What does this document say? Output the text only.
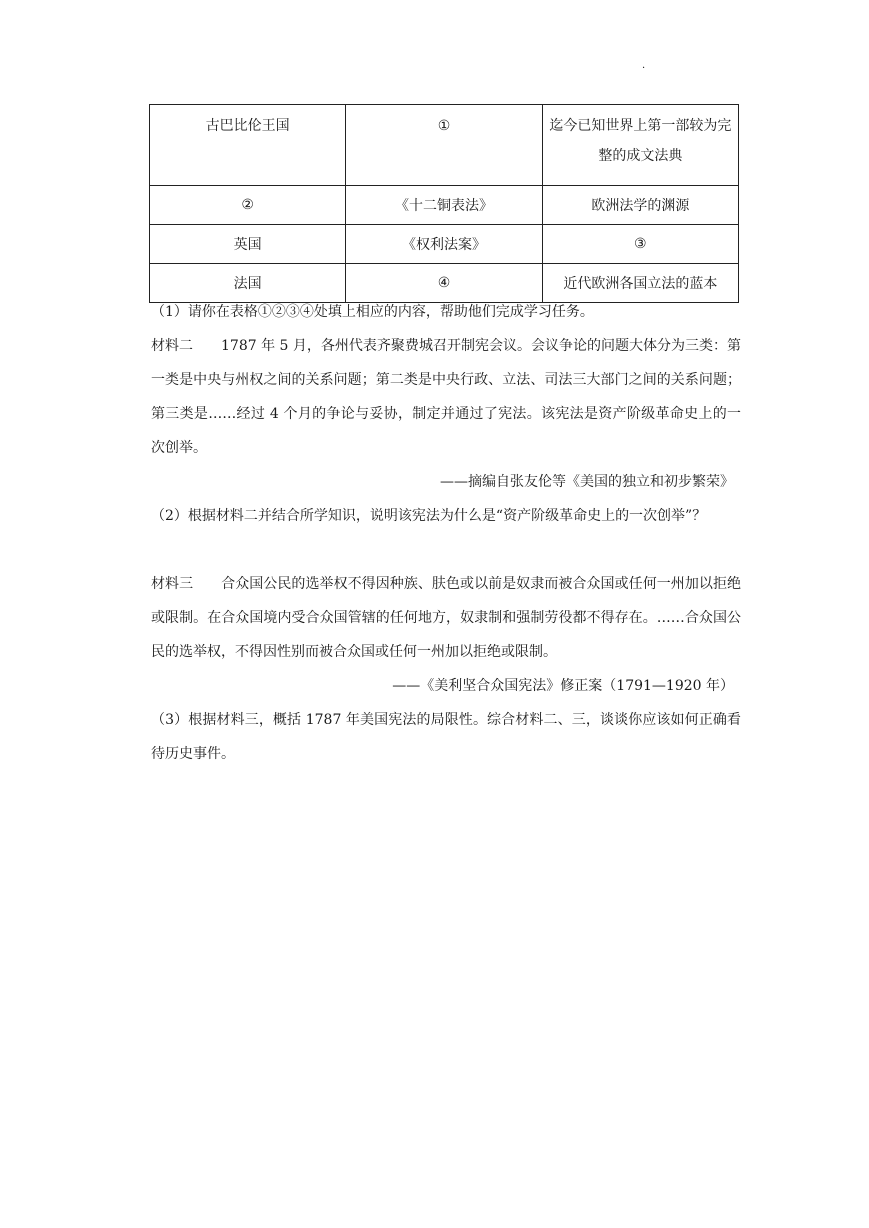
·
古巴比伦王国	①	迄今已知世界上第一部较为完整的成文法典
②	《十二铜表法》	欧洲法学的渊源
英国	《权利法案》	③
法国	④	近代欧洲各国立法的蓝本
（1）请你在表格①②③④处填上相应的内容，帮助他们完成学习任务。
材料二 1787 年 5 月，各州代表齐聚费城召开制宪会议。会议争论的问题大体分为三类：第一类是中央与州权之间的关系问题；第二类是中央行政、立法、司法三大部门之间的关系问题；第三类是……经过 4 个月的争论与妥协，制定并通过了宪法。该宪法是资产阶级革命史上的一次创举。
——摘编自张友伦等《美国的独立和初步繁荣》
（2）根据材料二并结合所学知识，说明该宪法为什么是“资产阶级革命史上的一次创举”？
材料三 合众国公民的选举权不得因种族、肤色或以前是奴隶而被合众国或任何一州加以拒绝或限制。在合众国境内受合众国管辖的任何地方，奴隶制和强制劳役都不得存在。……合众国公民的选举权，不得因性别而被合众国或任何一州加以拒绝或限制。
——《美利坚合众国宪法》修正案（1791—1920 年）
（3）根据材料三，概括 1787 年美国宪法的局限性。综合材料二、三，谈谈你应该如何正确看待历史事件。
